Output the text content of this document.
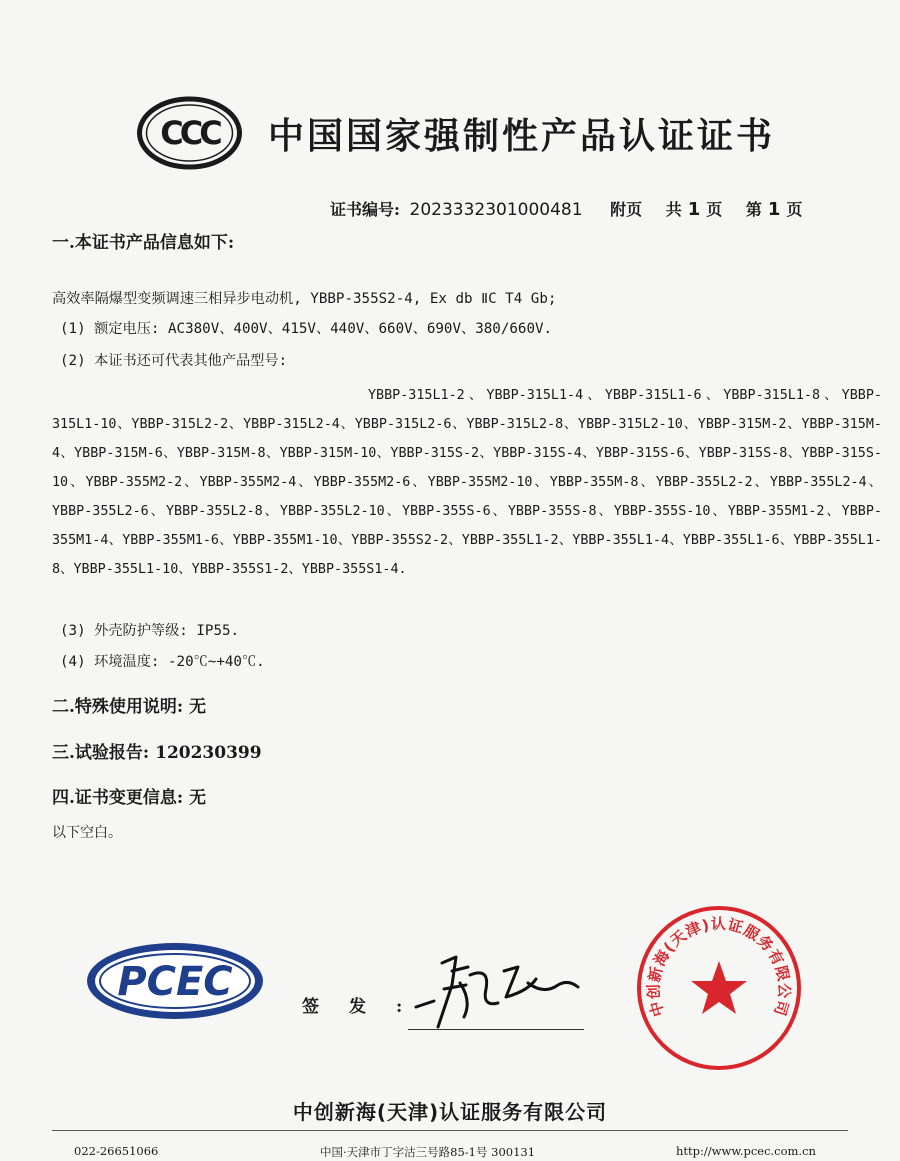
CCC 中国国家强制性产品认证证书
证书编号: 2023332301000481 附页 共 1 页 第 1 页
一.本证书产品信息如下:
高效率隔爆型变频调速三相异步电动机, YBBP-355S2-4, Ex db ⅡC T4 Gb;
(1) 额定电压: AC380V、400V、415V、440V、660V、690V、380/660V.
(2) 本证书还可代表其他产品型号:
YBBP-315L1-2、YBBP-315L1-4、YBBP-315L1-6、YBBP-315L1-8、YBBP-315L1-10、YBBP-315L2-2、YBBP-315L2-4、YBBP-315L2-6、YBBP-315L2-8、YBBP-315L2-10、YBBP-315M-2、YBBP-315M-4、YBBP-315M-6、YBBP-315M-8、YBBP-315M-10、YBBP-315S-2、YBBP-315S-4、YBBP-315S-6、YBBP-315S-8、YBBP-315S-10、YBBP-355M2-2、YBBP-355M2-4、YBBP-355M2-6、YBBP-355M2-10、YBBP-355M-8、YBBP-355L2-2、YBBP-355L2-4、YBBP-355L2-6、YBBP-355L2-8、YBBP-355L2-10、YBBP-355S-6、YBBP-355S-8、YBBP-355S-10、YBBP-355M1-2、YBBP-355M1-4、YBBP-355M1-6、YBBP-355M1-10、YBBP-355S2-2、YBBP-355L1-2、YBBP-355L1-4、YBBP-355L1-6、YBBP-355L1-8、YBBP-355L1-10、YBBP-355S1-2、YBBP-355S1-4.
(3) 外壳防护等级: IP55.
(4) 环境温度: -20℃~+40℃.
二.特殊使用说明: 无
三.试验报告: 120230399
四.证书变更信息: 无
以下空白。
PCEC
签发:	中创新海(天津)认证服务有限公司
中创新海(天津)认证服务有限公司
022-26651066	中国·天津市丁字沽三号路85-1号 300131	http://www.pcec.com.cn
